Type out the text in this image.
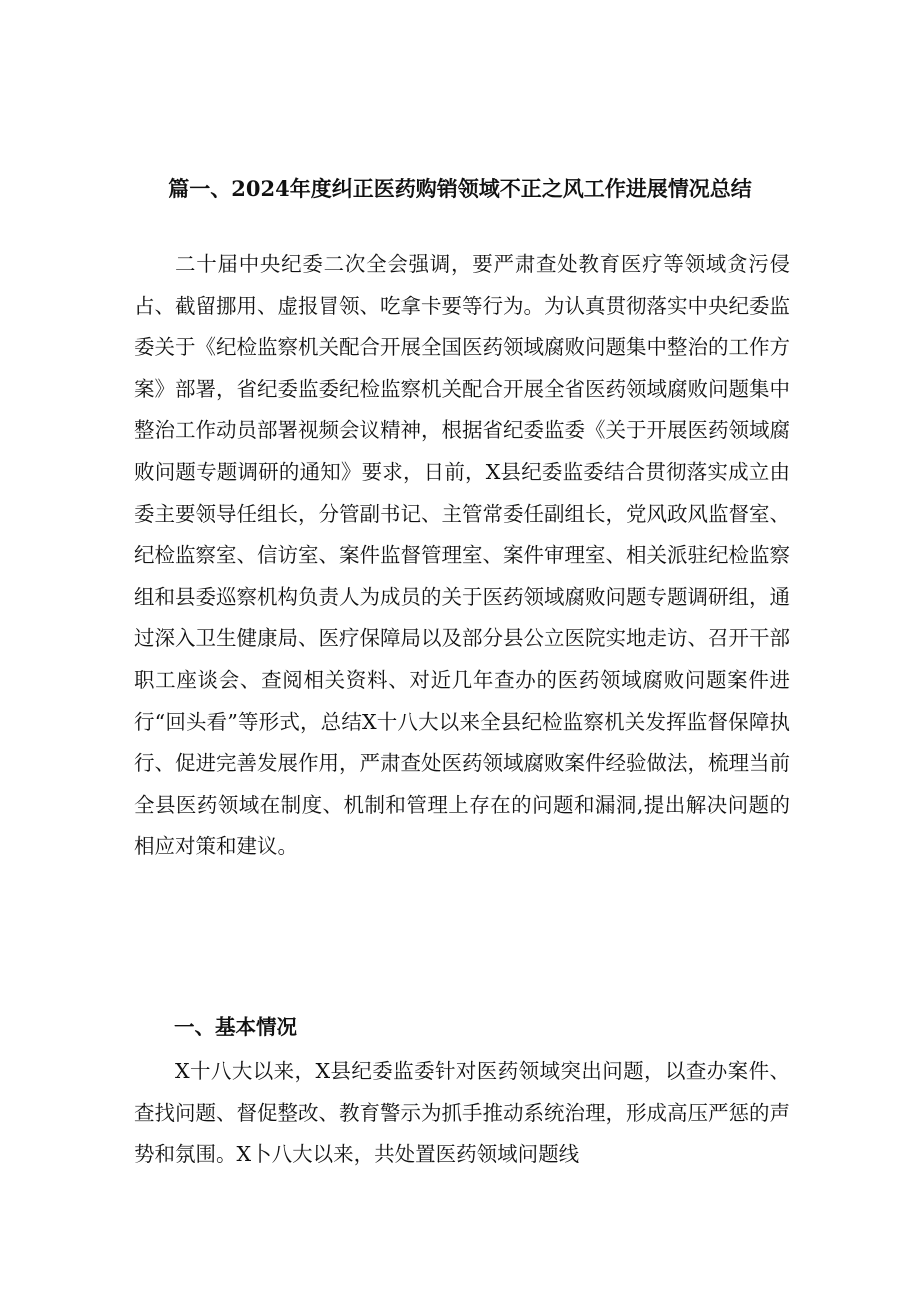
篇一、2024年度纠正医药购销领域不正之风工作进展情况总结

二十届中央纪委二次全会强调，要严肃查处教育医疗等领域贪污侵占、截留挪用、虚报冒领、吃拿卡要等行为。为认真贯彻落实中央纪委监委关于《纪检监察机关配合开展全国医药领域腐败问题集中整治的工作方案》部署，省纪委监委纪检监察机关配合开展全省医药领域腐败问题集中整治工作动员部署视频会议精神，根据省纪委监委《关于开展医药领域腐败问题专题调研的通知》要求，日前，X县纪委监委结合贯彻落实成立由委主要领导任组长，分管副书记、主管常委任副组长，党风政风监督室、纪检监察室、信访室、案件监督管理室、案件审理室、相关派驻纪检监察组和县委巡察机构负责人为成员的关于医药领域腐败问题专题调研组，通过深入卫生健康局、医疗保障局以及部分县公立医院实地走访、召开干部职工座谈会、查阅相关资料、对近几年查办的医药领域腐败问题案件进行“回头看”等形式，总结X十八大以来全县纪检监察机关发挥监督保障执行、促进完善发展作用，严肃查处医药领域腐败案件经验做法，梳理当前全县医药领域在制度、机制和管理上存在的问题和漏洞,提出解决问题的相应对策和建议。

一、基本情况

X十八大以来，X县纪委监委针对医药领域突出问题，以查办案件、查找问题、督促整改、教育警示为抓手推动系统治理，形成高压严惩的声势和氛围。X卜八大以来，共处置医药领域问题线
